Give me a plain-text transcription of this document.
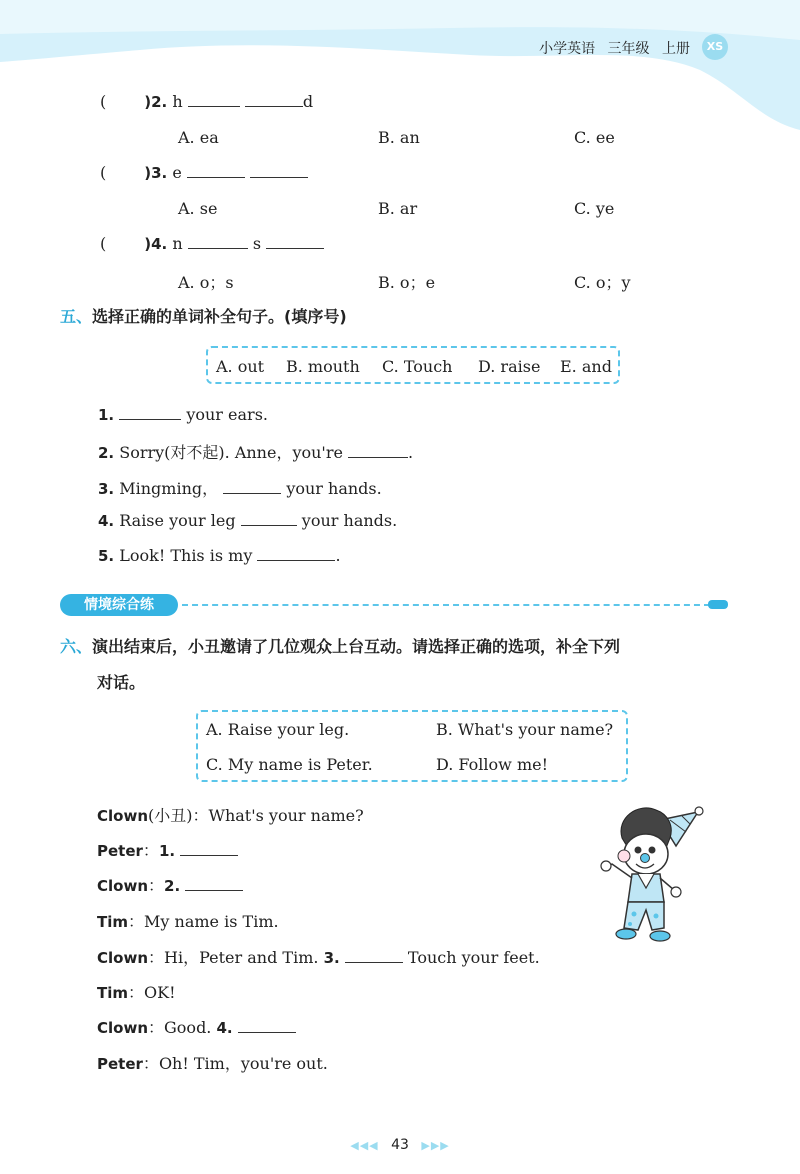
小学英语 三年级 上册	XS
(	)2. h	d
A. ea	B. an	C. ee
(	)3. e
A. se	B. ar	C. ye
(	)4. n	s
A. o；s	B. o；e	C. o；y
五、选择正确的单词补全句子。(填序号)
A. out B. mouth C. Touch D. raise E. and
1.	your ears.
2. Sorry(对不起). Anne，you're	.
3. Mingming，	your hands.
4. Raise your leg	your hands.
5. Look! This is my	.
情境综合练
六、演出结束后，小丑邀请了几位观众上台互动。请选择正确的选项，补全下列
对话。
A. Raise your leg.	B. What's your name?
C. My name is Peter.	D. Follow me!
Clown(小丑)：What's your name?
Peter：1.
Clown：2.
Tim：My name is Tim.
Clown：Hi，Peter and Tim. 3.	Touch your feet.
Tim：OK!
Clown：Good. 4.
Peter：Oh! Tim，you're out.
◀◀◀ 43 ▶▶▶
